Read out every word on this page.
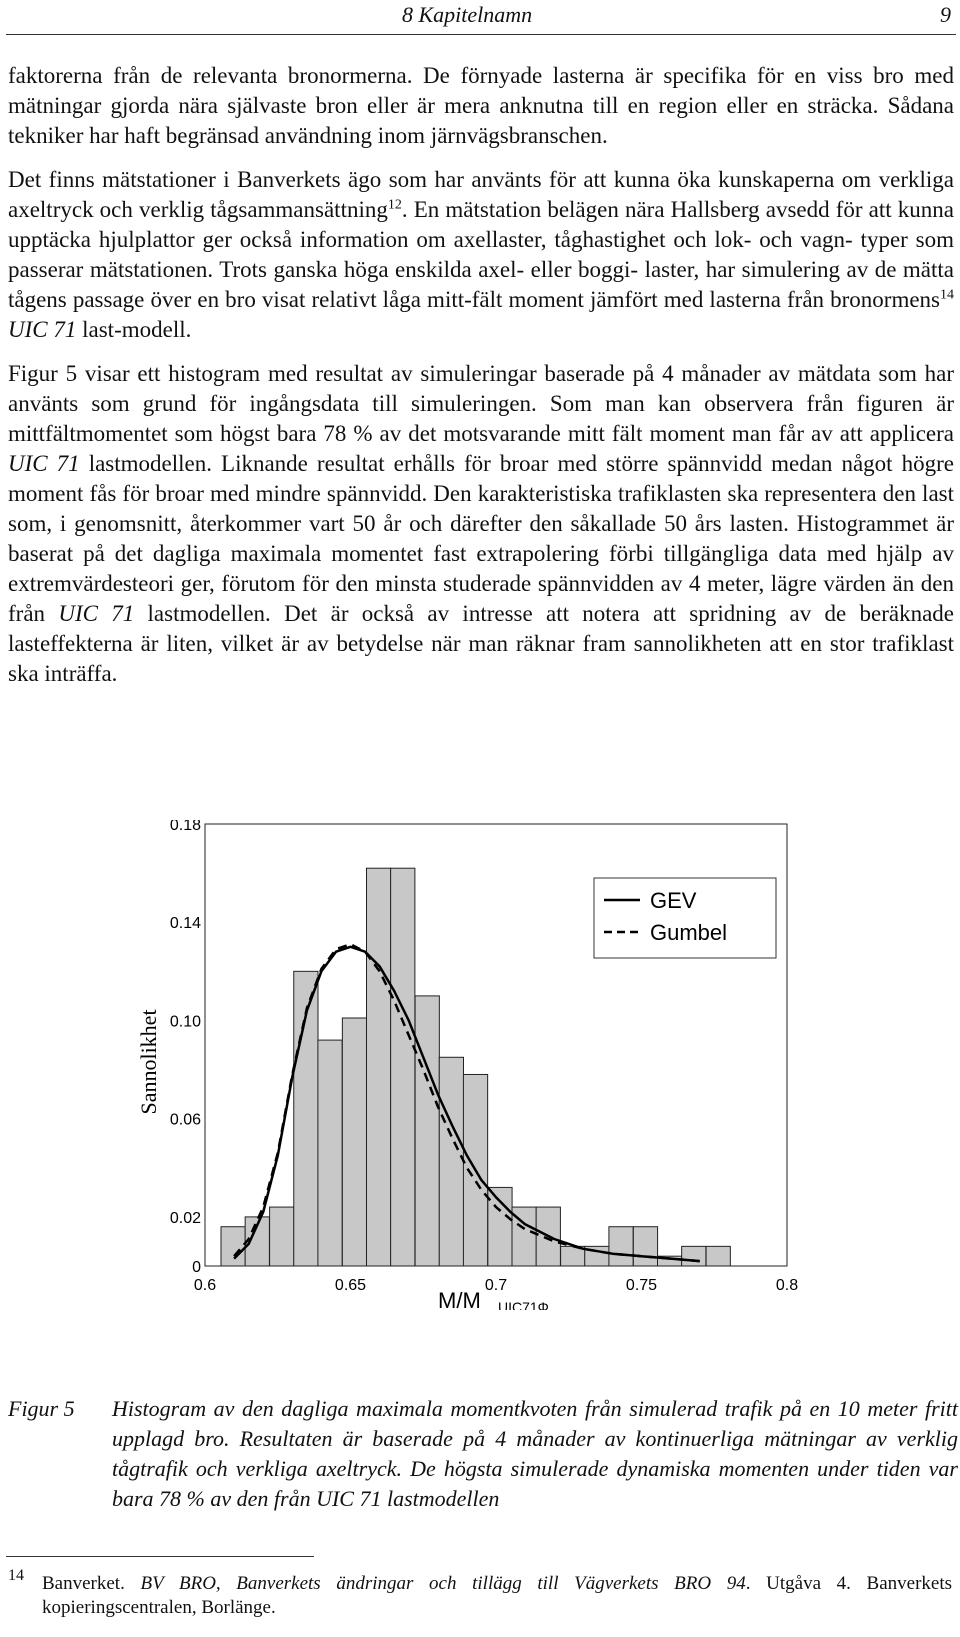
8 Kapitelnamn	9

faktorerna från de relevanta bronormerna. De förnyade lasterna är specifika för en viss bro med mätningar gjorda nära självaste bron eller är mera anknutna till en region eller en sträcka. Sådana tekniker har haft begränsad användning inom järnvägsbranschen.

Det finns mätstationer i Banverkets ägo som har använts för att kunna öka kunskaperna om verkliga axeltryck och verklig tågsammansättning$^{12}$. En mätstation belägen nära Hallsberg avsedd för att kunna upptäcka hjulplattor ger också information om axellaster, tåghastighet och lok- och vagn- typer som passerar mätstationen. Trots ganska höga enskilda axel- eller boggi- laster, har simulering av de mätta tågens passage över en bro visat relativt låga mitt-fält moment jämfört med lasterna från bronormens$^{14}$ UIC 71 last-modell.

Figur 5 visar ett histogram med resultat av simuleringar baserade på 4 månader av mätdata som har använts som grund för ingångsdata till simuleringen. Som man kan observera från figuren är mittfältmomentet som högst bara 78 % av det motsvarande mitt fält moment man får av att applicera UIC 71 lastmodellen. Liknande resultat erhålls för broar med större spännvidd medan något högre moment fås för broar med mindre spännvidd. Den karakteristiska trafiklasten ska representera den last som, i genomsnitt, återkommer vart 50 år och därefter den såkallade 50 års lasten. Histogrammet är baserat på det dagliga maximala momentet fast extrapolering förbi tillgängliga data med hjälp av extremvärdesteori ger, förutom för den minsta studerade spännvidden av 4 meter, lägre värden än den från UIC 71 lastmodellen. Det är också av intresse att notera att spridning av de beräknade lasteffekterna är liten, vilket är av betydelse när man räknar fram sannolikheten att en stor trafiklast ska inträffa.

0
0.02
0.06
0.10
0.14
0.18
0.6	0.65	0.7	0.75	0.8
Sannolikhet
M/M UIC71Φ
GEV
Gumbel
Figur 5 Histogram av den dagliga maximala momentkvoten från simulerad trafik på en 10 meter fritt upplagd bro. Resultaten är baserade på 4 månader av kontinuerliga mätningar av verklig tågtrafik och verkliga axeltryck. De högsta simulerade dynamiska momenten under tiden var bara 78 % av den från UIC 71 lastmodellen
14 Banverket. BV BRO, Banverkets ändringar och tillägg till Vägverkets BRO 94. Utgåva 4. Banverkets kopieringscentralen, Borlänge.
